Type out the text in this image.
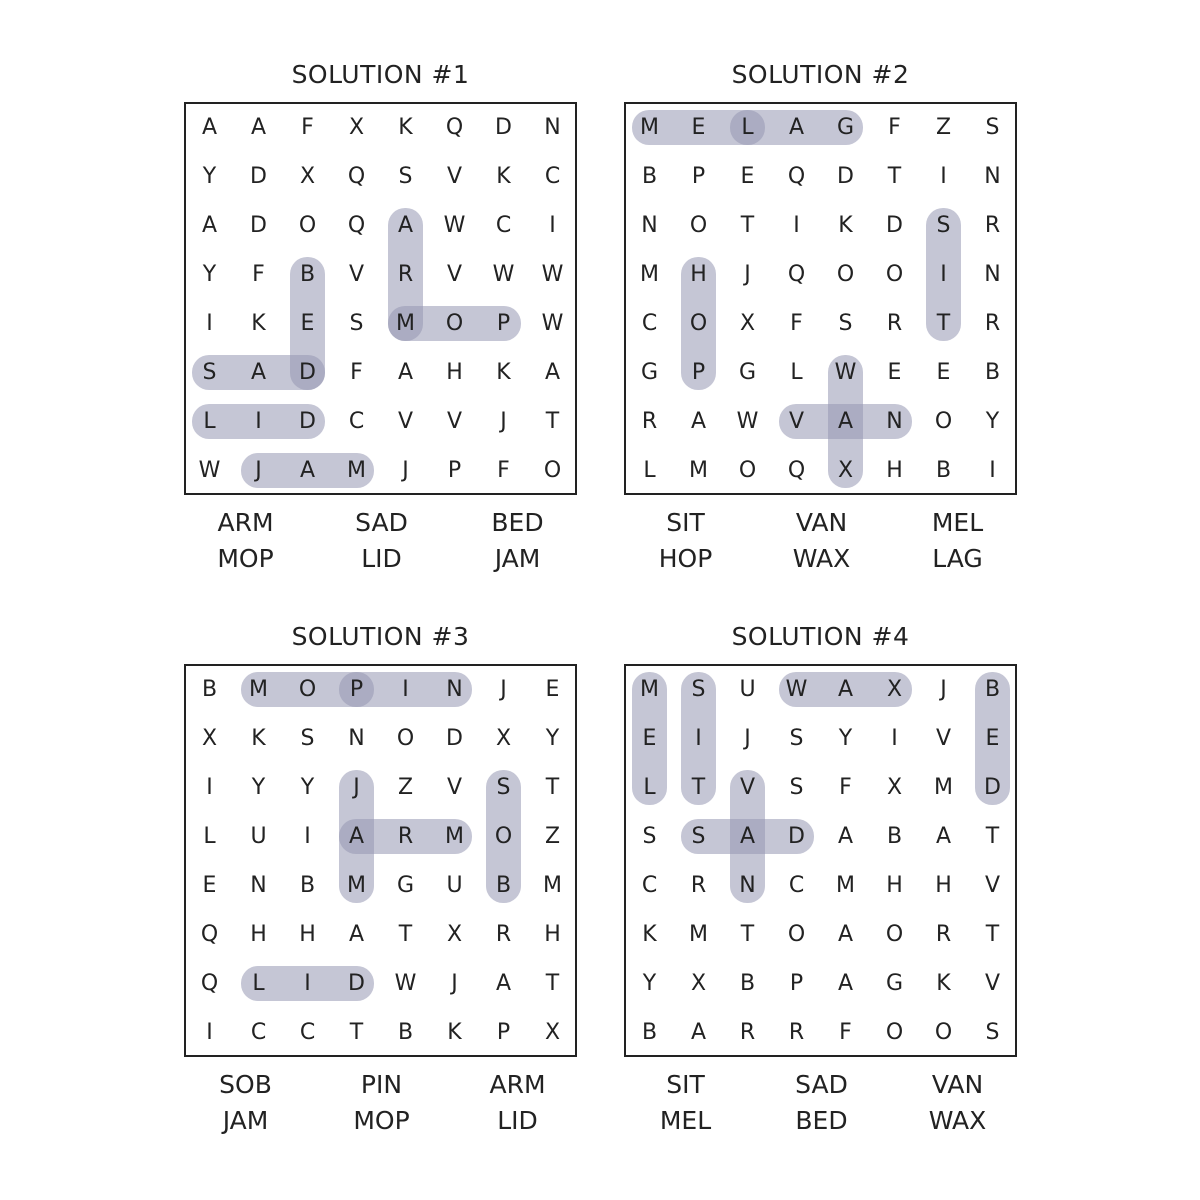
SOLUTION #1
A	A	F	X	K	Q	D	N
Y	D	X	Q	S	V	K	C
A	D	O	Q	A	W	C	I
Y	F	B	V	R	V	W	W
I	K	E	S	M	O	P	W
S	A	D	F	A	H	K	A
L	I	D	C	V	V	J	T
W	J	A	M	J	P	F	O
ARM	SAD	BED
MOP	LID	JAM
SOLUTION #2
M	E	L	A	G	F	Z	S
B	P	E	Q	D	T	I	N
N	O	T	I	K	D	S	R
M	H	J	Q	O	O	I	N
C	O	X	F	S	R	T	R
G	P	G	L	W	E	E	B
R	A	W	V	A	N	O	Y
L	M	O	Q	X	H	B	I
SIT	VAN	MEL
HOP	WAX	LAG
SOLUTION #3
B	M	O	P	I	N	J	E
X	K	S	N	O	D	X	Y
I	Y	Y	J	Z	V	S	T
L	U	I	A	R	M	O	Z
E	N	B	M	G	U	B	M
Q	H	H	A	T	X	R	H
Q	L	I	D	W	J	A	T
I	C	C	T	B	K	P	X
SOB	PIN	ARM
JAM	MOP	LID
SOLUTION #4
M	S	U	W	A	X	J	B
E	I	J	S	Y	I	V	E
L	T	V	S	F	X	M	D
S	S	A	D	A	B	A	T
C	R	N	C	M	H	H	V
K	M	T	O	A	O	R	T
Y	X	B	P	A	G	K	V
B	A	R	R	F	O	O	S
SIT	SAD	VAN
MEL	BED	WAX
